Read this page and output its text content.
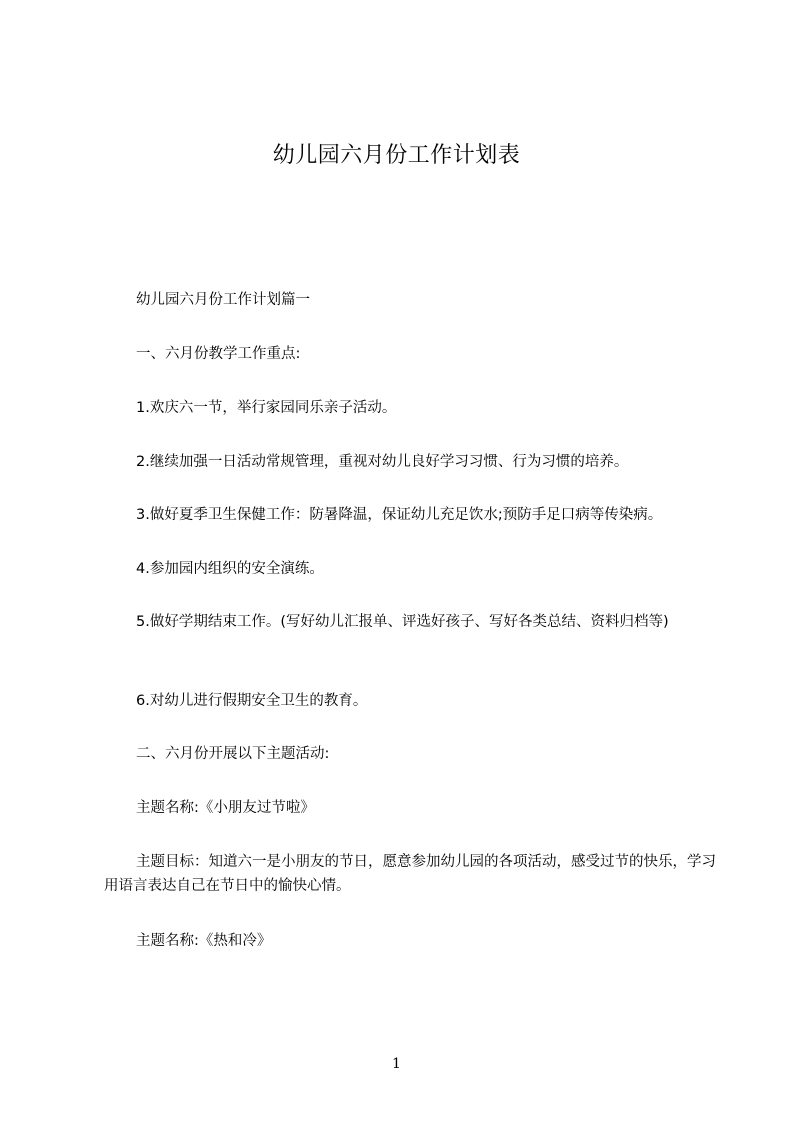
幼儿园六月份工作计划表
幼儿园六月份工作计划篇一
一、六月份教学工作重点:
1.欢庆六一节，举行家园同乐亲子活动。
2.继续加强一日活动常规管理，重视对幼儿良好学习习惯、行为习惯的培养。
3.做好夏季卫生保健工作：防暑降温，保证幼儿充足饮水;预防手足口病等传染病。
4.参加园内组织的安全演练。
5.做好学期结束工作。(写好幼儿汇报单、评选好孩子、写好各类总结、资料归档等)
6.对幼儿进行假期安全卫生的教育。
二、六月份开展以下主题活动:
主题名称:《小朋友过节啦》
主题目标：知道六一是小朋友的节日，愿意参加幼儿园的各项活动，感受过节的快乐，学习用语言表达自己在节日中的愉快心情。
主题名称:《热和冷》
1
